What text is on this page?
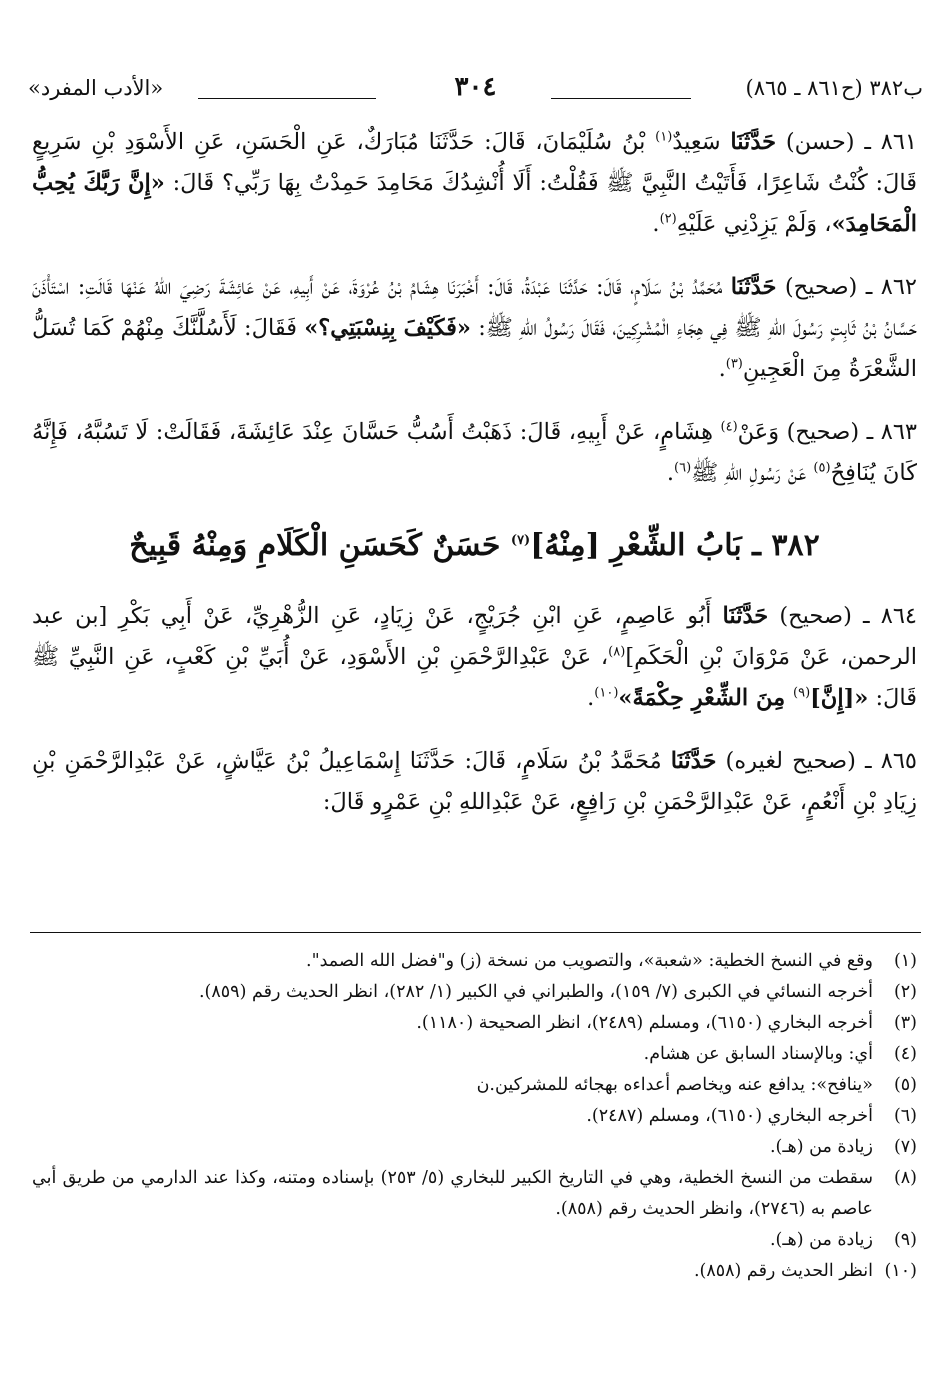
ب٣٨٢ (ح٨٦١ ـ ٨٦٥)
٣٠٤
«الأدب المفرد»

٨٦١ ـ (حسن) حَدَّثَنَا سَعِيدٌ$^{(١)}$ بْنُ سُلَيْمَانَ، قَالَ: حَدَّثَنَا مُبَارَكٌ، عَنِ الْحَسَنِ، عَنِ الأَسْوَدِ بْنِ سَرِيعٍ قَالَ: كُنْتُ شَاعِرًا، فَأَتَيْتُ النَّبِيَّ ﷺ فَقُلْتُ: أَلَا أُنْشِدُكَ مَحَامِدَ حَمِدْتُ بِهَا رَبِّي؟ قَالَ: «إِنَّ رَبَّكَ يُحِبُّ الْمَحَامِدَ»، وَلَمْ يَزِدْنِي عَلَيْهِ$^{(٢)}$.

٨٦٢ ـ (صحيح) حَدَّثَنَا مُحَمَّدُ بْنُ سَلَامٍ، قَالَ: حَدَّثَنَا عَبْدَةُ، قَالَ: أَخْبَرَنَا هِشَامُ بْنُ عُرْوَةَ، عَنْ أَبِيهِ، عَنْ عَائِشَةَ رَضِيَ اللهُ عَنْهَا قَالَتِ: اسْتَأْذَنَ حَسَّانُ بْنُ ثَابِتٍ رَسُولَ اللهِ ﷺ فِي هِجَاءِ الْمُشْرِكِينَ، فَقَالَ رَسُولُ اللهِ ﷺ: «فَكَيْفَ بِنِسْبَتِي؟» فَقَالَ: لَأَسُلَّنَّكَ مِنْهُمْ كَمَا تُسَلُّ الشَّعْرَةُ مِنَ الْعَجِينِ$^{(٣)}$.

٨٦٣ ـ (صحيح) وَعَنْ$^{(٤)}$ هِشَامٍ، عَنْ أَبِيهِ، قَالَ: ذَهَبْتُ أَسُبُّ حَسَّانَ عِنْدَ عَائِشَةَ، فَقَالَتْ: لَا تَسُبَّهُ، فَإِنَّهُ كَانَ يُنَافِحُ$^{(٥)}$ عَنْ رَسُولِ اللهِ ﷺ$^{(٦)}$.

٣٨٢ ـ بَابُ الشِّعْرِ [مِنْهُ]$^{(٧)}$ حَسَنٌ كَحَسَنِ الْكَلَامِ وَمِنْهُ قَبِيحٌ

٨٦٤ ـ (صحيح) حَدَّثَنَا أَبُو عَاصِمٍ، عَنِ ابْنِ جُرَيْجٍ، عَنْ زِيَادٍ، عَنِ الزُّهْرِيِّ، عَنْ أَبِي بَكْرِ [بن عبد الرحمن، عَنْ مَرْوَانَ بْنِ الْحَكَمِ]$^{(٨)}$، عَنْ عَبْدِالرَّحْمَنِ بْنِ الأَسْوَدِ، عَنْ أُبَيِّ بْنِ كَعْبٍ، عَنِ النَّبِيِّ ﷺ قَالَ: «[إِنَّ]$^{(٩)}$ مِنَ الشِّعْرِ حِكْمَةً»$^{(١٠)}$.

٨٦٥ ـ (صحيح لغيره) حَدَّثَنَا مُحَمَّدُ بْنُ سَلَامٍ، قَالَ: حَدَّثَنَا إِسْمَاعِيلُ بْنُ عَيَّاشٍ، عَنْ عَبْدِالرَّحْمَنِ بْنِ زِيَادِ بْنِ أَنْعُمٍ، عَنْ عَبْدِالرَّحْمَنِ بْنِ رَافِعٍ، عَنْ عَبْدِاللهِ بْنِ عَمْرٍو قَالَ:

(١)
وقع في النسخ الخطية: «شعبة»، والتصويب من نسخة (ز) و"فضل الله الصمد".
(٢)
أخرجه النسائي في الكبرى (٧/ ١٥٩)، والطبراني في الكبير (١/ ٢٨٢)، انظر الحديث رقم (٨٥٩).
(٣)
أخرجه البخاري (٦١٥٠)، ومسلم (٢٤٨٩)، انظر الصحيحة (١١٨٠).
(٤)
أي: وبالإسناد السابق عن هشام.
(٥)
«ينافح»: يدافع عنه ويخاصم أعداءه بهجائه للمشركين.ن
(٦)
أخرجه البخاري (٦١٥٠)، ومسلم (٢٤٨٧).
(٧)
زيادة من (هـ).
(٨)
سقطت من النسخ الخطية، وهي في التاريخ الكبير للبخاري (٥/ ٢٥٣) بإسناده ومتنه، وكذا عند الدارمي من طريق أبي عاصم به (٢٧٤٦)، وانظر الحديث رقم (٨٥٨).
(٩)
زيادة من (هـ).
(١٠)
انظر الحديث رقم (٨٥٨).
